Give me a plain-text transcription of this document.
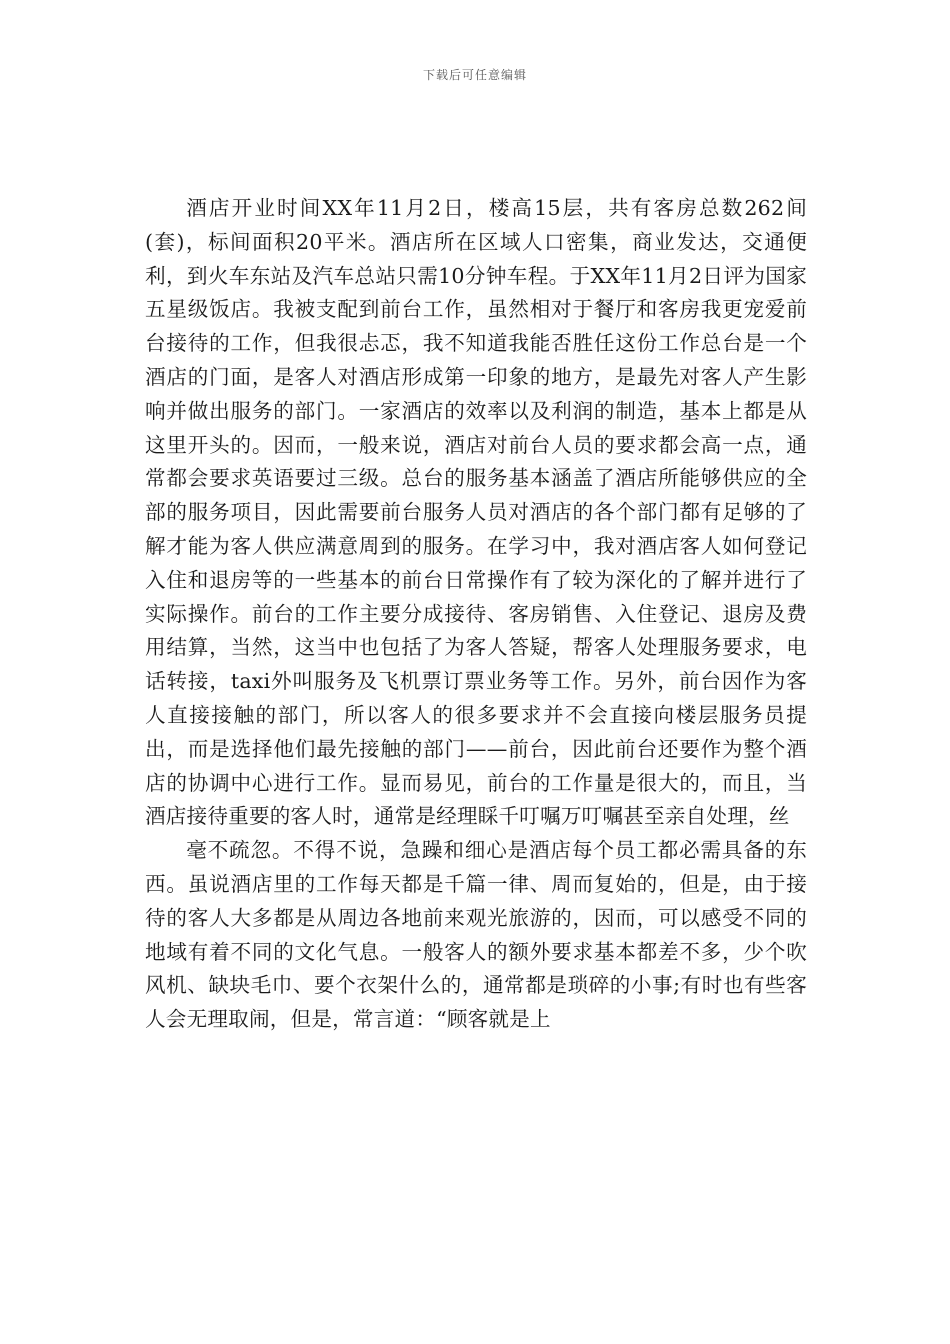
下载后可任意编辑

酒店开业时间XX年11月2日，楼高15层，共有客房总数262间(套)，标间面积20平米。酒店所在区域人口密集，商业发达，交通便利，到火车东站及汽车总站只需10分钟车程。于XX年11月2日评为国家五星级饭店。我被支配到前台工作，虽然相对于餐厅和客房我更宠爱前台接待的工作，但我很忐忑，我不知道我能否胜任这份工作总台是一个酒店的门面，是客人对酒店形成第一印象的地方，是最先对客人产生影响并做出服务的部门。一家酒店的效率以及利润的制造，基本上都是从这里开头的。因而，一般来说，酒店对前台人员的要求都会高一点，通常都会要求英语要过三级。总台的服务基本涵盖了酒店所能够供应的全部的服务项目，因此需要前台服务人员对酒店的各个部门都有足够的了解才能为客人供应满意周到的服务。在学习中，我对酒店客人如何登记入住和退房等的一些基本的前台日常操作有了较为深化的了解并进行了实际操作。前台的工作主要分成接待、客房销售、入住登记、退房及费用结算，当然，这当中也包括了为客人答疑，帮客人处理服务要求，电话转接，taxi外叫服务及飞机票订票业务等工作。另外，前台因作为客人直接接触的部门，所以客人的很多要求并不会直接向楼层服务员提出，而是选择他们最先接触的部门——前台，因此前台还要作为整个酒店的协调中心进行工作。显而易见，前台的工作量是很大的，而且，当酒店接待重要的客人时，通常是经理睬千叮嘱万叮嘱甚至亲自处理，丝

毫不疏忽。不得不说，急躁和细心是酒店每个员工都必需具备的东西。虽说酒店里的工作每天都是千篇一律、周而复始的，但是，由于接待的客人大多都是从周边各地前来观光旅游的，因而，可以感受不同的地域有着不同的文化气息。一般客人的额外要求基本都差不多，少个吹风机、缺块毛巾、要个衣架什么的，通常都是琐碎的小事;有时也有些客人会无理取闹，但是，常言道：“顾客就是上
